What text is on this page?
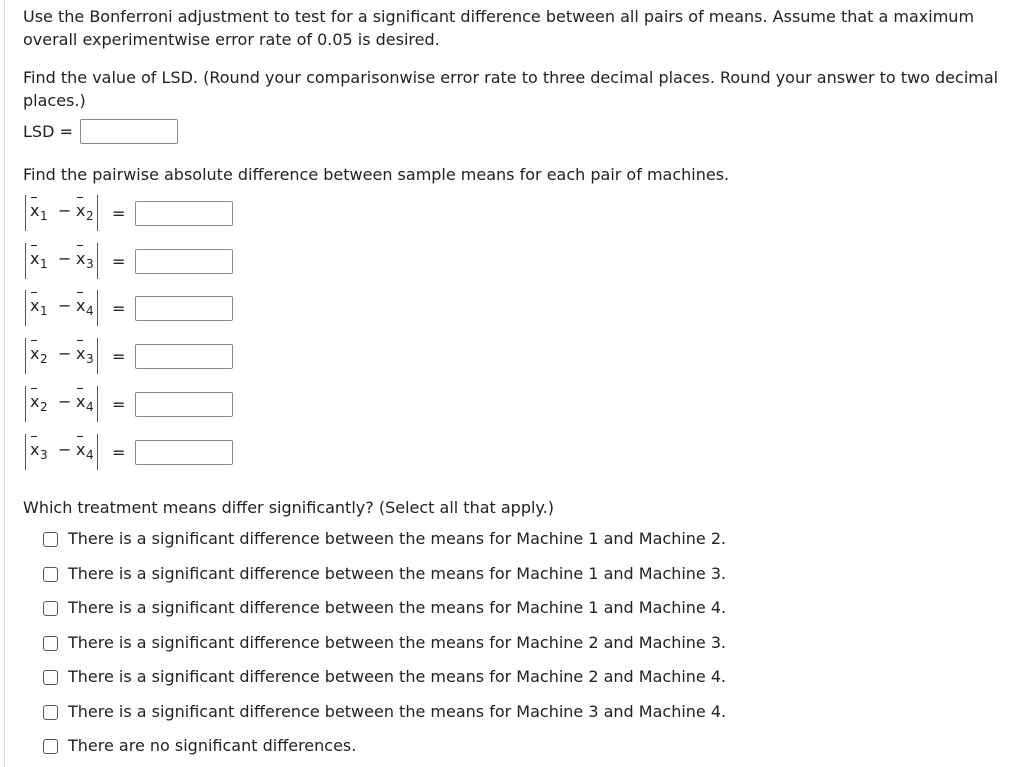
Use the Bonferroni adjustment to test for a significant difference between all pairs of means. Assume that a maximum

overall experimentwise error rate of 0.05 is desired.

Find the value of LSD. (Round your comparisonwise error rate to three decimal places. Round your answer to two decimal

places.)

LSD =

Find the pairwise absolute difference between sample means for each pair of machines.

x 1 − x 2 =
x 1 − x 3 =
x 1 − x 4 =
x 2 − x 3 =
x 2 − x 4 =
x 3 − x 4 =

Which treatment means differ significantly? (Select all that apply.)

There is a significant difference between the means for Machine 1 and Machine 2.
There is a significant difference between the means for Machine 1 and Machine 3.
There is a significant difference between the means for Machine 1 and Machine 4.
There is a significant difference between the means for Machine 2 and Machine 3.
There is a significant difference between the means for Machine 2 and Machine 4.
There is a significant difference between the means for Machine 3 and Machine 4.
There are no significant differences.
